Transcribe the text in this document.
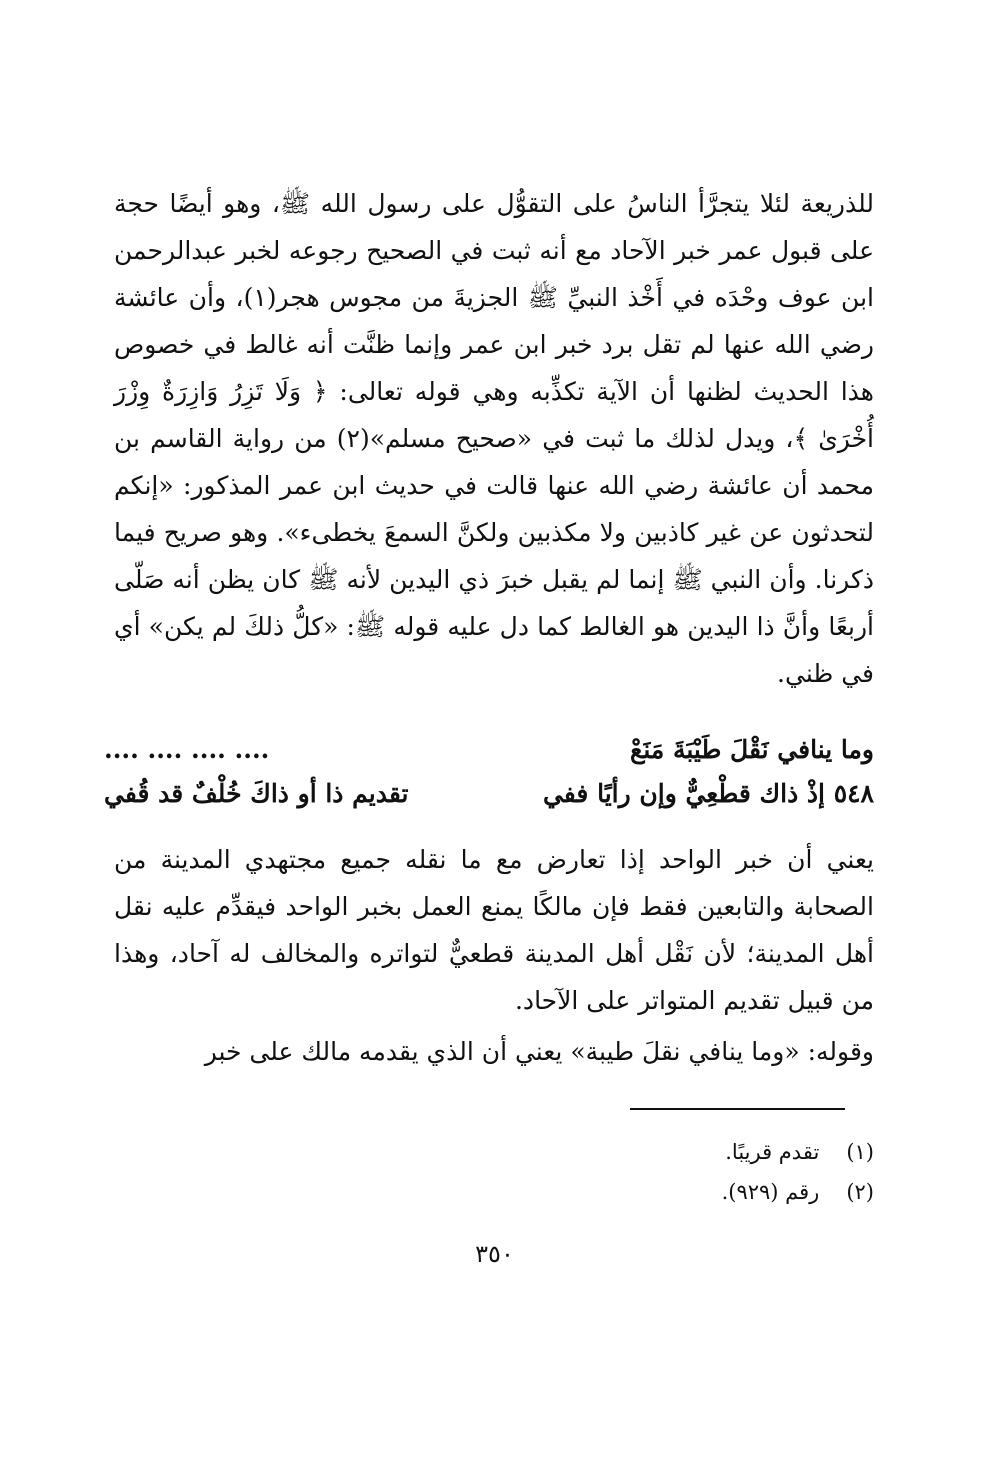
للذريعة لئلا يتجرَّأ الناسُ على التقوُّل على رسول الله ﷺ، وهو أيضًا حجة على قبول عمر خبر الآحاد مع أنه ثبت في الصحيح رجوعه لخبر عبدالرحمن ابن عوف وحْدَه في أَخْذ النبيِّ ﷺ الجزيةَ من مجوس هجر(١)، وأن عائشة رضي الله عنها لم تقل برد خبر ابن عمر وإنما ظنَّت أنه غالط في خصوص هذا الحديث لظنها أن الآية تكذِّبه وهي قوله تعالى: ﴿ وَلَا تَزِرُ وَازِرَةٌ وِزْرَ أُخْرَىٰ ﴾، ويدل لذلك ما ثبت في «صحيح مسلم»(٢) من رواية القاسم بن محمد أن عائشة رضي الله عنها قالت في حديث ابن عمر المذكور: «إنكم لتحدثون عن غير كاذبين ولا مكذبين ولكنَّ السمعَ يخطىء». وهو صريح فيما ذكرنا. وأن النبي ﷺ إنما لم يقبل خبرَ ذي اليدين لأنه ﷺ كان يظن أنه صَلّى أربعًا وأنَّ ذا اليدين هو الغالط كما دل عليه قوله ﷺ: «كلُّ ذلكَ لم يكن» أي في ظني.
وما ينافي نَقْلَ طَيْبَةَ مَنَعْ
.... .... .... ....
٥٤٨ إذْ ذاك قطْعِيٌّ وإن رأيًا ففي
تقديم ذا أو ذاكَ خُلْفٌ قد قُفي
يعني أن خبر الواحد إذا تعارض مع ما نقله جميع مجتهدي المدينة من الصحابة والتابعين فقط فإن مالكًا يمنع العمل بخبر الواحد فيقدِّم عليه نقل أهل المدينة؛ لأن نَقْل أهل المدينة قطعيٌّ لتواتره والمخالف له آحاد، وهذا من قبيل تقديم المتواتر على الآحاد.
وقوله: «وما ينافي نقلَ طيبة» يعني أن الذي يقدمه مالك على خبر
(١) تقدم قريبًا.
(٢) رقم (٩٢٩).
٣٥٠
